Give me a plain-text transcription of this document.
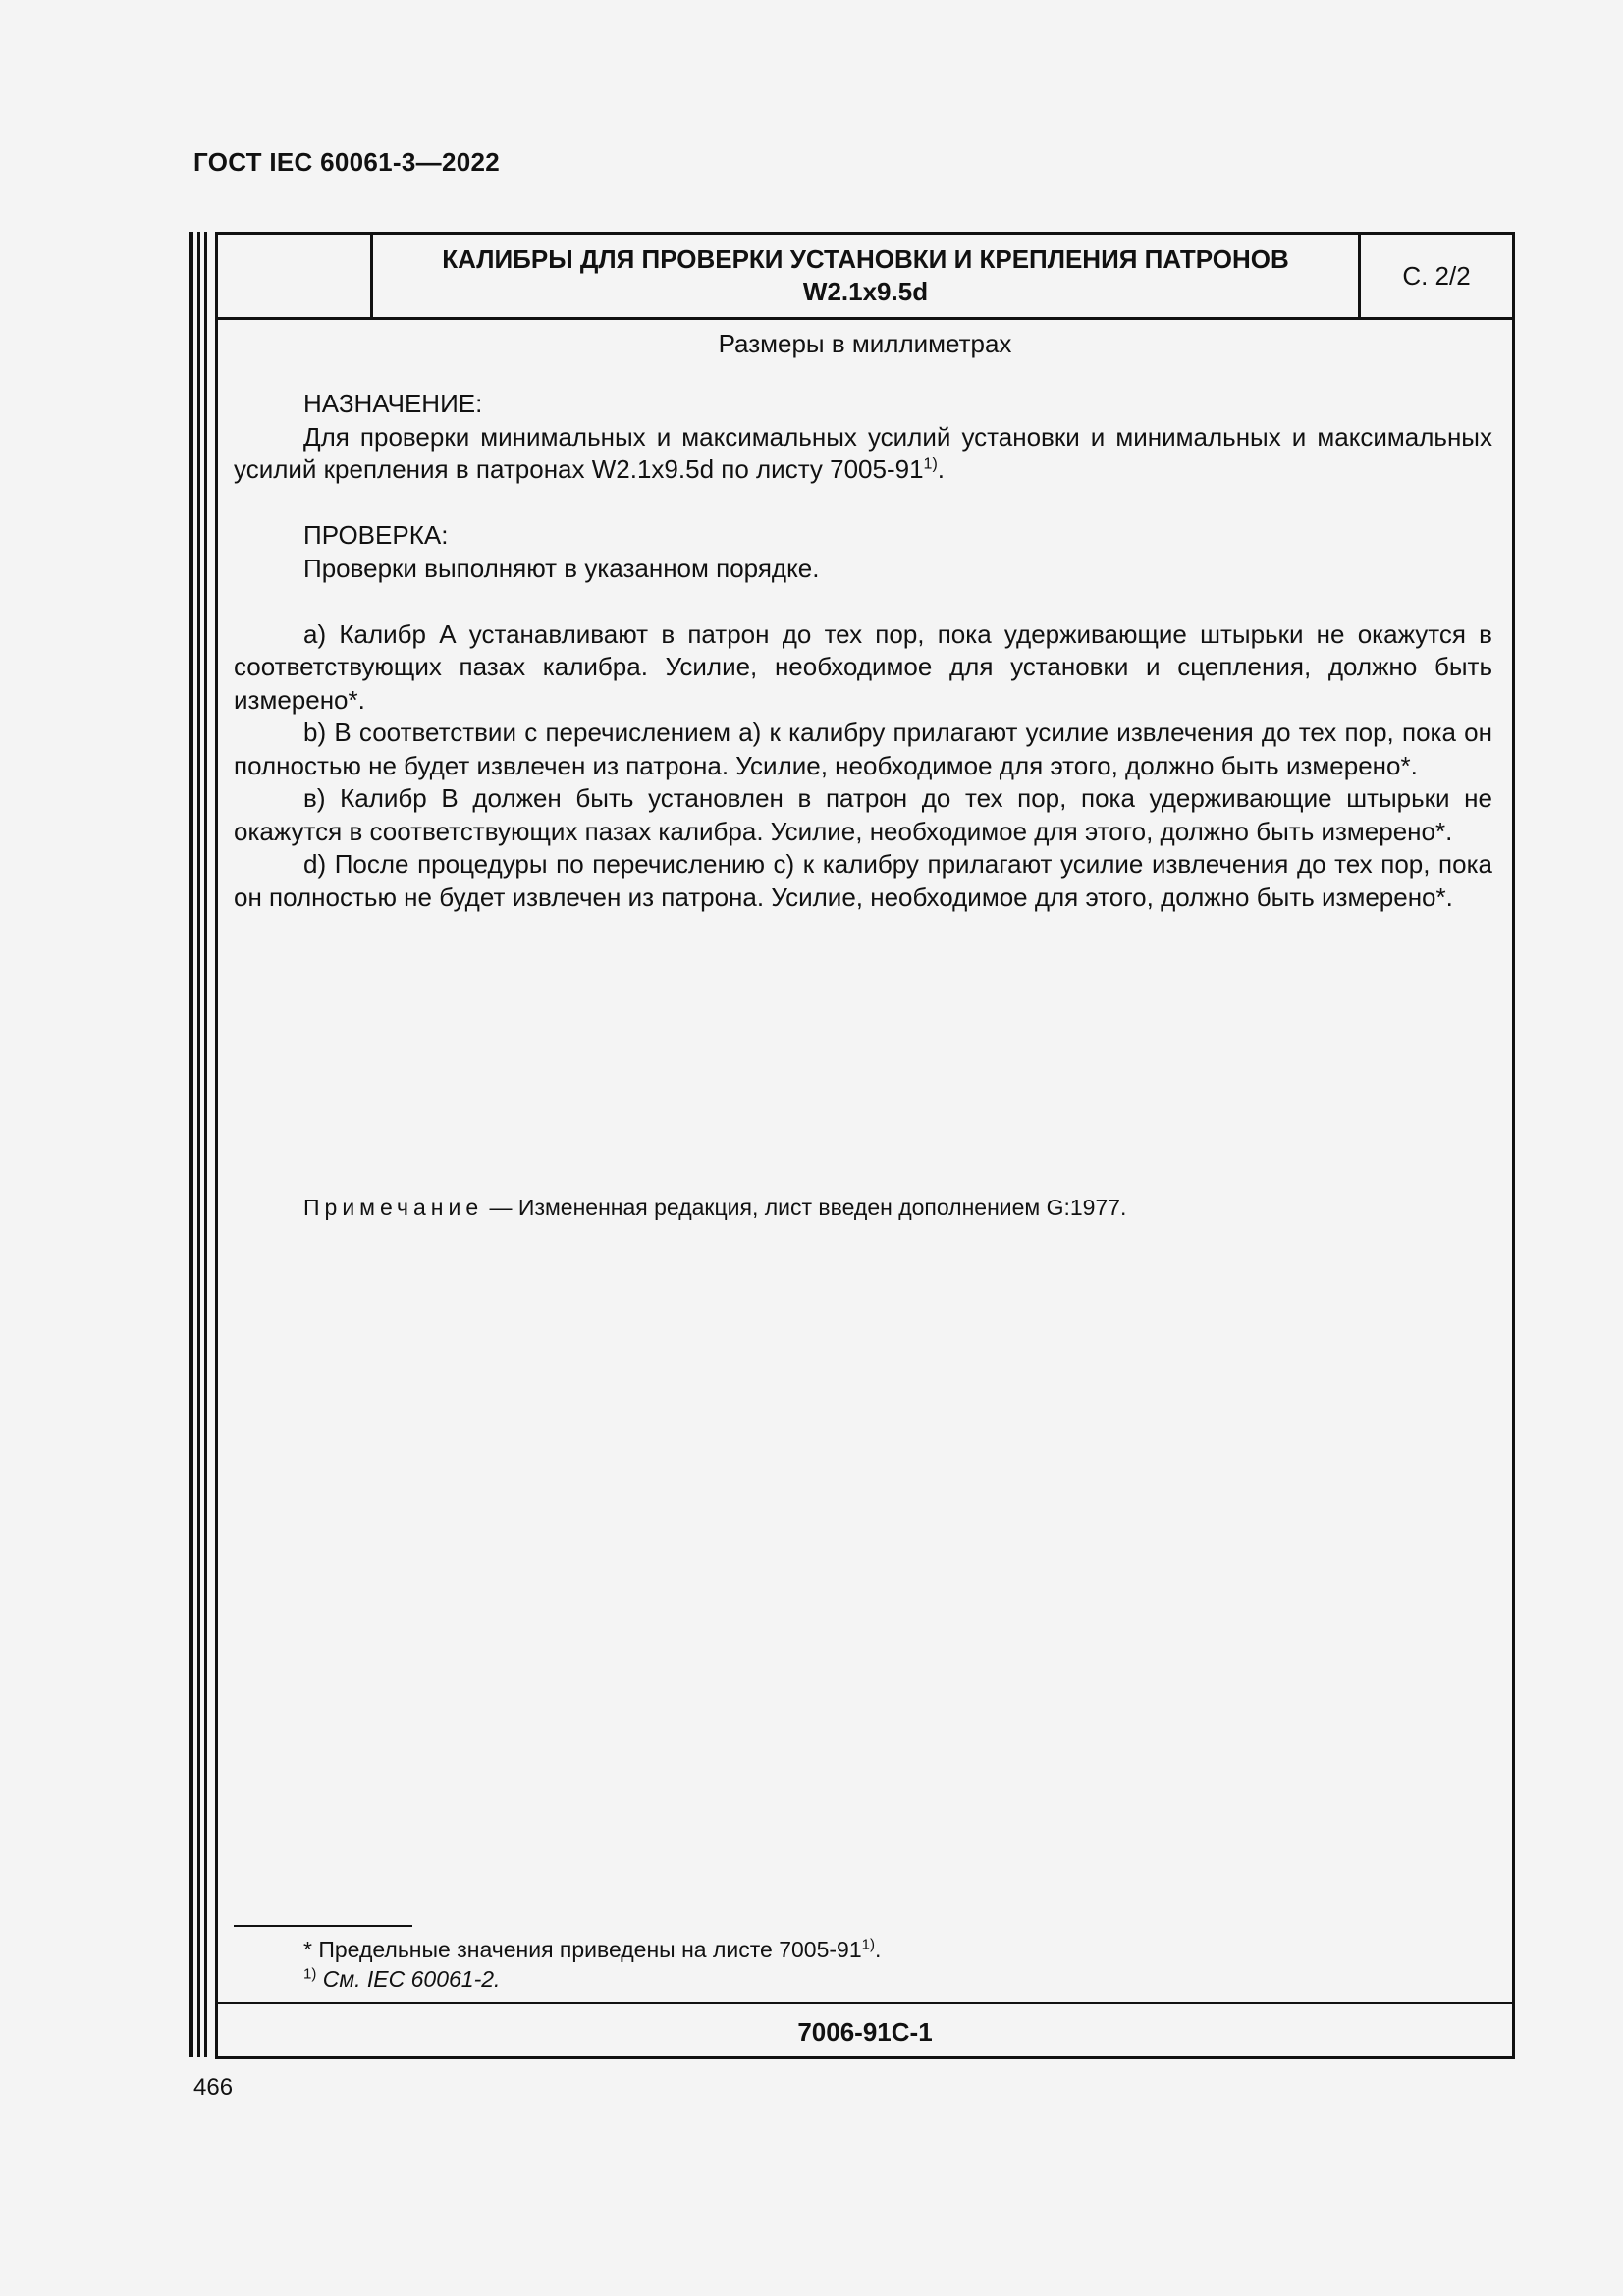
ГОСТ IEC 60061-3—2022
КАЛИБРЫ ДЛЯ ПРОВЕРКИ УСТАНОВКИ И КРЕПЛЕНИЯ ПАТРОНОВ
W2.1x9.5d
С. 2/2
Размеры в миллиметрах

НАЗНАЧЕНИЕ:

Для проверки минимальных и максимальных усилий установки и минимальных и максимальных усилий крепления в патронах W2.1x9.5d по листу 7005-91$^{1)}$.

ПРОВЕРКА:

Проверки выполняют в указанном порядке.

а) Калибр А устанавливают в патрон до тех пор, пока удерживающие штырьки не окажутся в соответствующих пазах калибра. Усилие, необходимое для установки и сцепления, должно быть измерено*.

b) В соответствии с перечислением а) к калибру прилагают усилие извлечения до тех пор, пока он полностью не будет извлечен из патрона. Усилие, необходимое для этого, должно быть измерено*.

в) Калибр В должен быть установлен в патрон до тех пор, пока удерживающие штырьки не окажутся в соответствующих пазах калибра. Усилие, необходимое для этого, должно быть измерено*.

d) После процедуры по перечислению с) к калибру прилагают усилие извлечения до тех пор, пока он полностью не будет извлечен из патрона. Усилие, необходимое для этого, должно быть измерено*.

Примечание — Измененная редакция, лист введен дополнением G:1977.
* Предельные значения приведены на листе 7005-91$^{1)}$.
$^{1)}$ См. IEC 60061-2.
7006-91C-1
466
